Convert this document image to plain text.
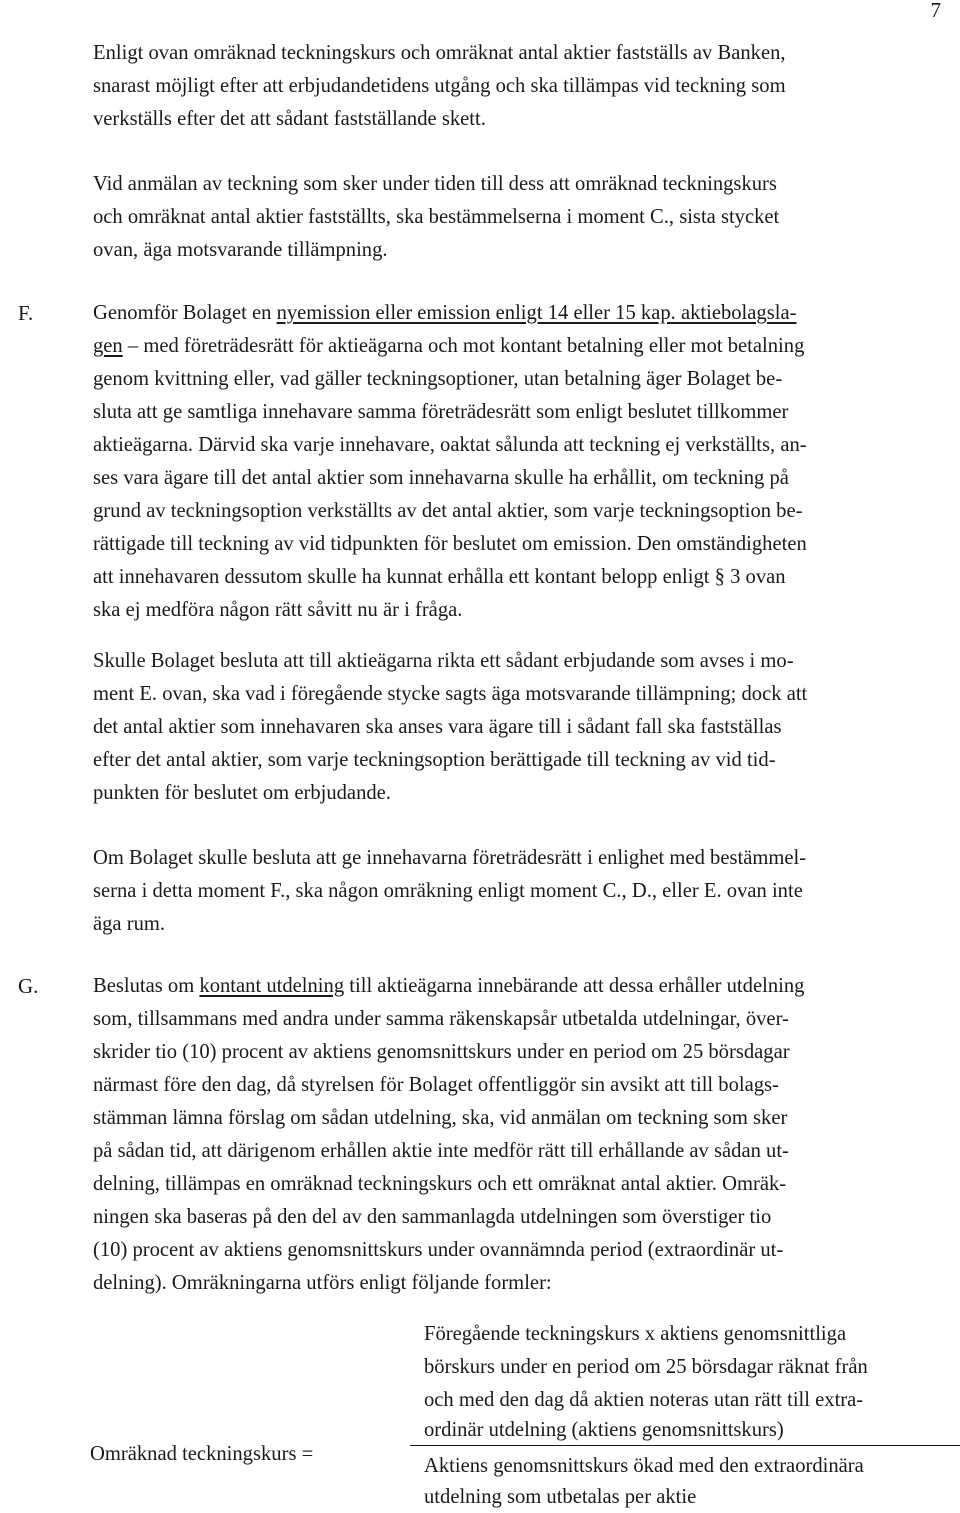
7
Enligt ovan omräknad teckningskurs och omräknat antal aktier fastställs av Banken,
snarast möjligt efter att erbjudandetidens utgång och ska tillämpas vid teckning som
verkställs efter det att sådant fastställande skett.
Vid anmälan av teckning som sker under tiden till dess att omräknad teckningskurs
och omräknat antal aktier fastställts, ska bestämmelserna i moment C., sista stycket
ovan, äga motsvarande tillämpning.
F.	Genomför Bolaget en nyemission eller emission enligt 14 eller 15 kap. aktiebolagsla-
gen – med företrädesrätt för aktieägarna och mot kontant betalning eller mot betalning
genom kvittning eller, vad gäller teckningsoptioner, utan betalning äger Bolaget be-
sluta att ge samtliga innehavare samma företrädesrätt som enligt beslutet tillkommer
aktieägarna. Därvid ska varje innehavare, oaktat sålunda att teckning ej verkställts, an-
ses vara ägare till det antal aktier som innehavarna skulle ha erhållit, om teckning på
grund av teckningsoption verkställts av det antal aktier, som varje teckningsoption be-
rättigade till teckning av vid tidpunkten för beslutet om emission. Den omständigheten
att innehavaren dessutom skulle ha kunnat erhålla ett kontant belopp enligt § 3 ovan
ska ej medföra någon rätt såvitt nu är i fråga.
Skulle Bolaget besluta att till aktieägarna rikta ett sådant erbjudande som avses i mo-
ment E. ovan, ska vad i föregående stycke sagts äga motsvarande tillämpning; dock att
det antal aktier som innehavaren ska anses vara ägare till i sådant fall ska fastställas
efter det antal aktier, som varje teckningsoption berättigade till teckning av vid tid-
punkten för beslutet om erbjudande.
Om Bolaget skulle besluta att ge innehavarna företrädesrätt i enlighet med bestämmel-
serna i detta moment F., ska någon omräkning enligt moment C., D., eller E. ovan inte
äga rum.
G.	Beslutas om kontant utdelning till aktieägarna innebärande att dessa erhåller utdelning
som, tillsammans med andra under samma räkenskapsår utbetalda utdelningar, över-
skrider tio (10) procent av aktiens genomsnittskurs under en period om 25 börsdagar
närmast före den dag, då styrelsen för Bolaget offentliggör sin avsikt att till bolags-
stämman lämna förslag om sådan utdelning, ska, vid anmälan om teckning som sker
på sådan tid, att därigenom erhållen aktie inte medför rätt till erhållande av sådan ut-
delning, tillämpas en omräknad teckningskurs och ett omräknat antal aktier. Omräk-
ningen ska baseras på den del av den sammanlagda utdelningen som överstiger tio
(10) procent av aktiens genomsnittskurs under ovannämnda period (extraordinär ut-
delning). Omräkningarna utförs enligt följande formler:
Omräknad teckningskurs =
Föregående teckningskurs x aktiens genomsnittliga
börskurs under en period om 25 börsdagar räknat från
och med den dag då aktien noteras utan rätt till extra-
ordinär utdelning (aktiens genomsnittskurs)
Aktiens genomsnittskurs ökad med den extraordinära
utdelning som utbetalas per aktie
